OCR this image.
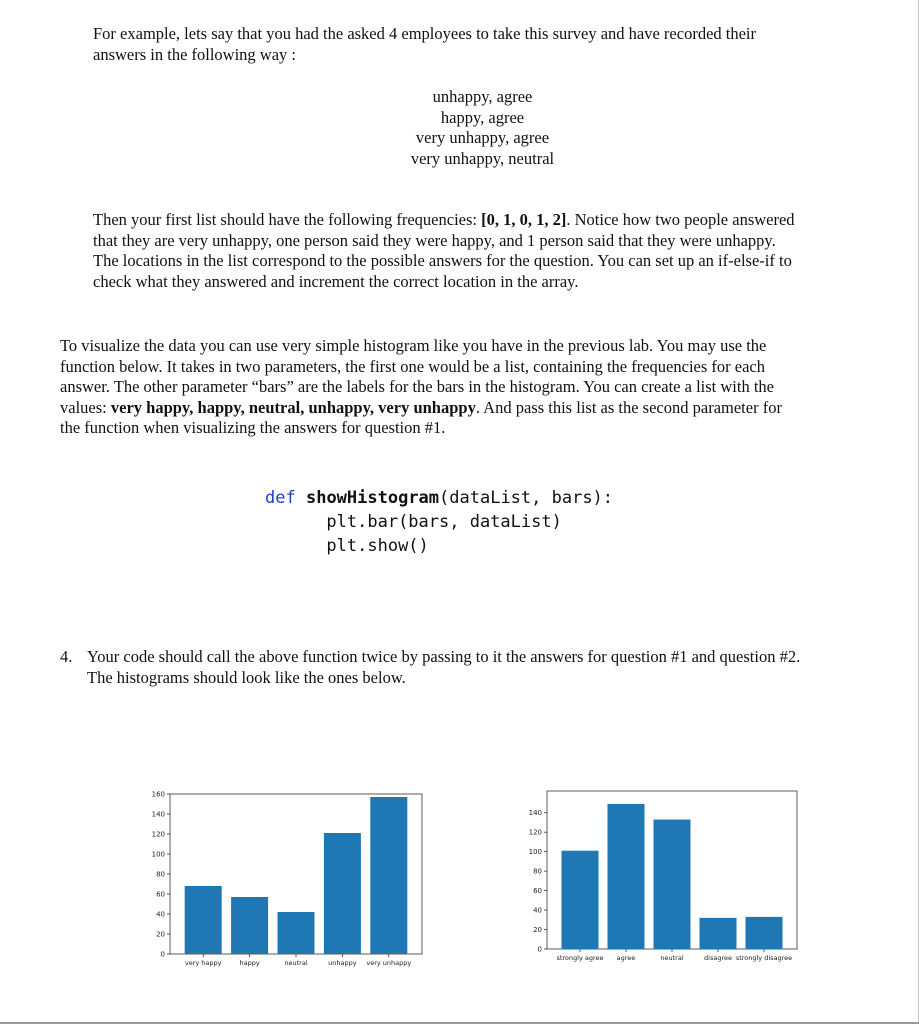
For example, lets say that you had the asked 4 employees to take this survey and have recorded their
answers in the following way :
unhappy, agree
happy, agree
very unhappy, agree
very unhappy, neutral
Then your first list should have the following frequencies: [0, 1, 0, 1, 2]. Notice how two people answered
that they are very unhappy, one person said they were happy, and 1 person said that they were unhappy.
The locations in the list correspond to the possible answers for the question. You can set up an if-else-if to
check what they answered and increment the correct location in the array.
To visualize the data you can use very simple histogram like you have in the previous lab. You may use the
function below. It takes in two parameters, the first one would be a list, containing the frequencies for each
answer. The other parameter “bars” are the labels for the bars in the histogram. You can create a list with the
values: very happy, happy, neutral, unhappy, very unhappy. And pass this list as the second parameter for
the function when visualizing the answers for question #1.
def showHistogram(dataList, bars):
plt.bar(bars, dataList)
plt.show()
4. Your code should call the above function twice by passing to it the answers for question #1 and question #2.
The histograms should look like the ones below.
0
20
40
60
80
100
120
140
160
very happy	happy	neutral	unhappy very unhappy
0
20
40
60
80
100
120
140
strongly agree agree	neutral	disagree strongly disagree
